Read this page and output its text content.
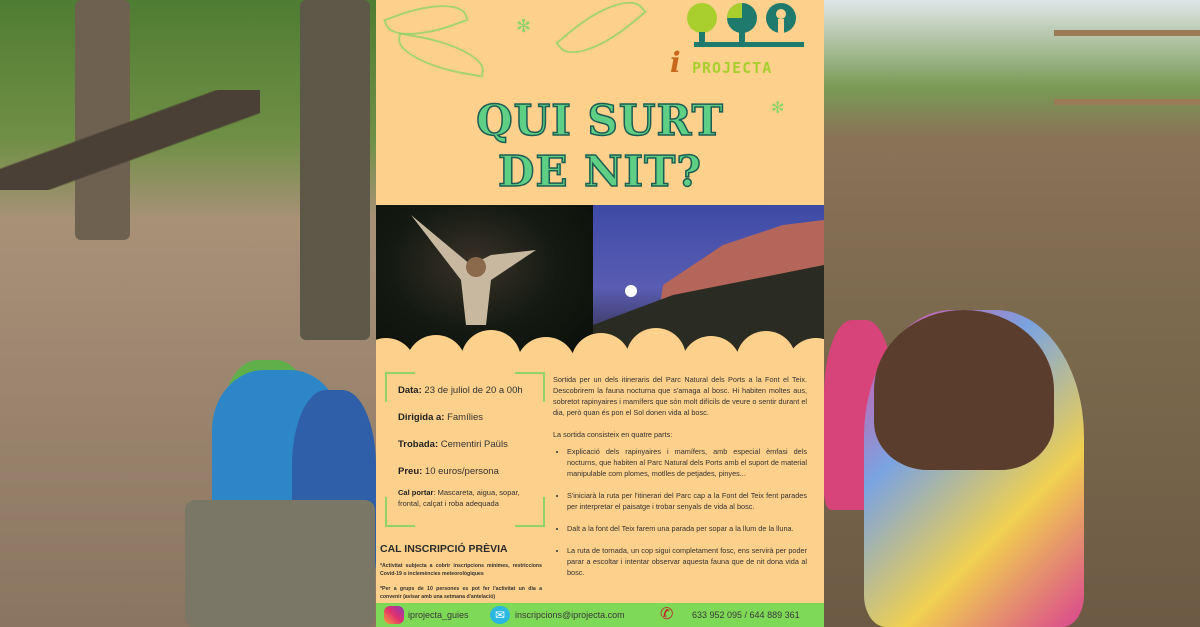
✻
✻
i PROJECTA
QUI SURT
DE NIT?

Data: 23 de juliol de 20 a 00h

Dirigida a: Famílies

Trobada: Cementiri Paüls

Preu: 10 euros/persona

Cal portar: Mascareta, aigua, sopar, frontal, calçat i roba adequada

CAL INSCRIPCIÓ PRÈVIA
*Activitat subjecta a cobrir inscripcions mínimes, restriccions Covid-19 o inclemències meteorològiques
*Per a grups de 10 persones es pot fer l'activitat un dia a convenir (avisar amb una setmana d'antelació)

Sortida per un dels itineraris del Parc Natural dels Ports a la Font el Teix. Descobrirem la fauna nocturna que s'amaga al bosc. Hi habiten moltes aus, sobretot rapinyaires i mamífers que són molt difícils de veure o sentir durant el dia, però quan és pon el Sol donen vida al bosc.

La sortida consisteix en quatre parts:

• Explicació dels rapinyaires i mamífers, amb especial èmfasi dels nocturns, que habiten al Parc Natural dels Ports amb el suport de material manipulable com plomes, motlles de petjades, pinyes...
• S'iniciarà la ruta per l'itinerari del Parc cap a la Font del Teix fent parades per interpretar el paisatge i trobar senyals de vida al bosc.
• Dalt a la font del Teix farem una parada per sopar a la llum de la lluna.
• La ruta de tornada, un cop sigui completament fosc, ens servirà per poder parar a escoltar i intentar observar aquesta fauna que de nit dona vida al bosc.
iprojecta_guies	✉	inscripcions@iprojecta.com ✆	633 952 095 / 644 889 361
